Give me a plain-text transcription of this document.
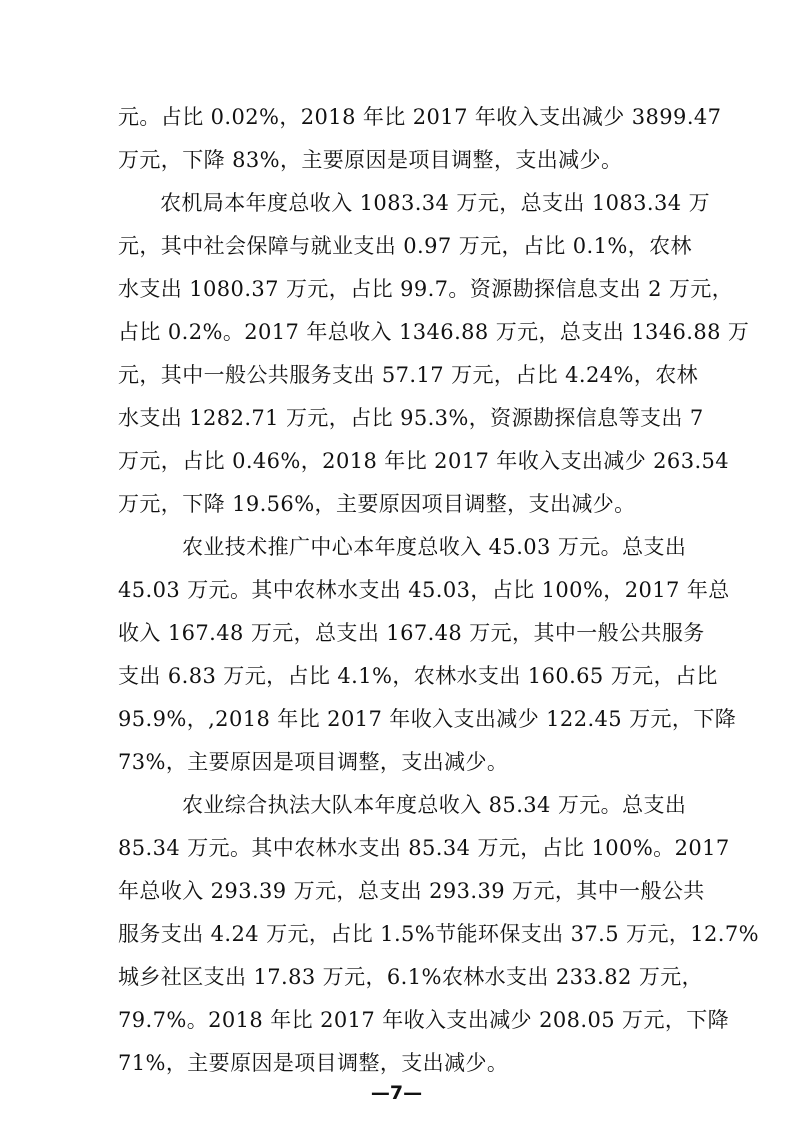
元。占比 0.02%，2018 年比 2017 年收入支出减少 3899.47
万元，下降 83%，主要原因是项目调整，支出减少。
农机局本年度总收入 1083.34 万元，总支出 1083.34 万
元，其中社会保障与就业支出 0.97 万元，占比 0.1%，农林
水支出 1080.37 万元，占比 99.7。资源勘探信息支出 2 万元，
占比 0.2%。2017 年总收入 1346.88 万元，总支出 1346.88 万
元，其中一般公共服务支出 57.17 万元，占比 4.24%，农林
水支出 1282.71 万元，占比 95.3%，资源勘探信息等支出 7
万元，占比 0.46%，2018 年比 2017 年收入支出减少 263.54
万元，下降 19.56%，主要原因项目调整，支出减少。
农业技术推广中心本年度总收入 45.03 万元。总支出
45.03 万元。其中农林水支出 45.03，占比 100%，2017 年总
收入 167.48 万元，总支出 167.48 万元，其中一般公共服务
支出 6.83 万元，占比 4.1%，农林水支出 160.65 万元，占比
95.9%，,2018 年比 2017 年收入支出减少 122.45 万元，下降
73%，主要原因是项目调整，支出减少。
农业综合执法大队本年度总收入 85.34 万元。总支出
85.34 万元。其中农林水支出 85.34 万元，占比 100%。2017
年总收入 293.39 万元，总支出 293.39 万元，其中一般公共
服务支出 4.24 万元，占比 1.5%节能环保支出 37.5 万元，12.7%
城乡社区支出 17.83 万元，6.1%农林水支出 233.82 万元，
79.7%。2018 年比 2017 年收入支出减少 208.05 万元，下降
71%，主要原因是项目调整，支出减少。
—7—
